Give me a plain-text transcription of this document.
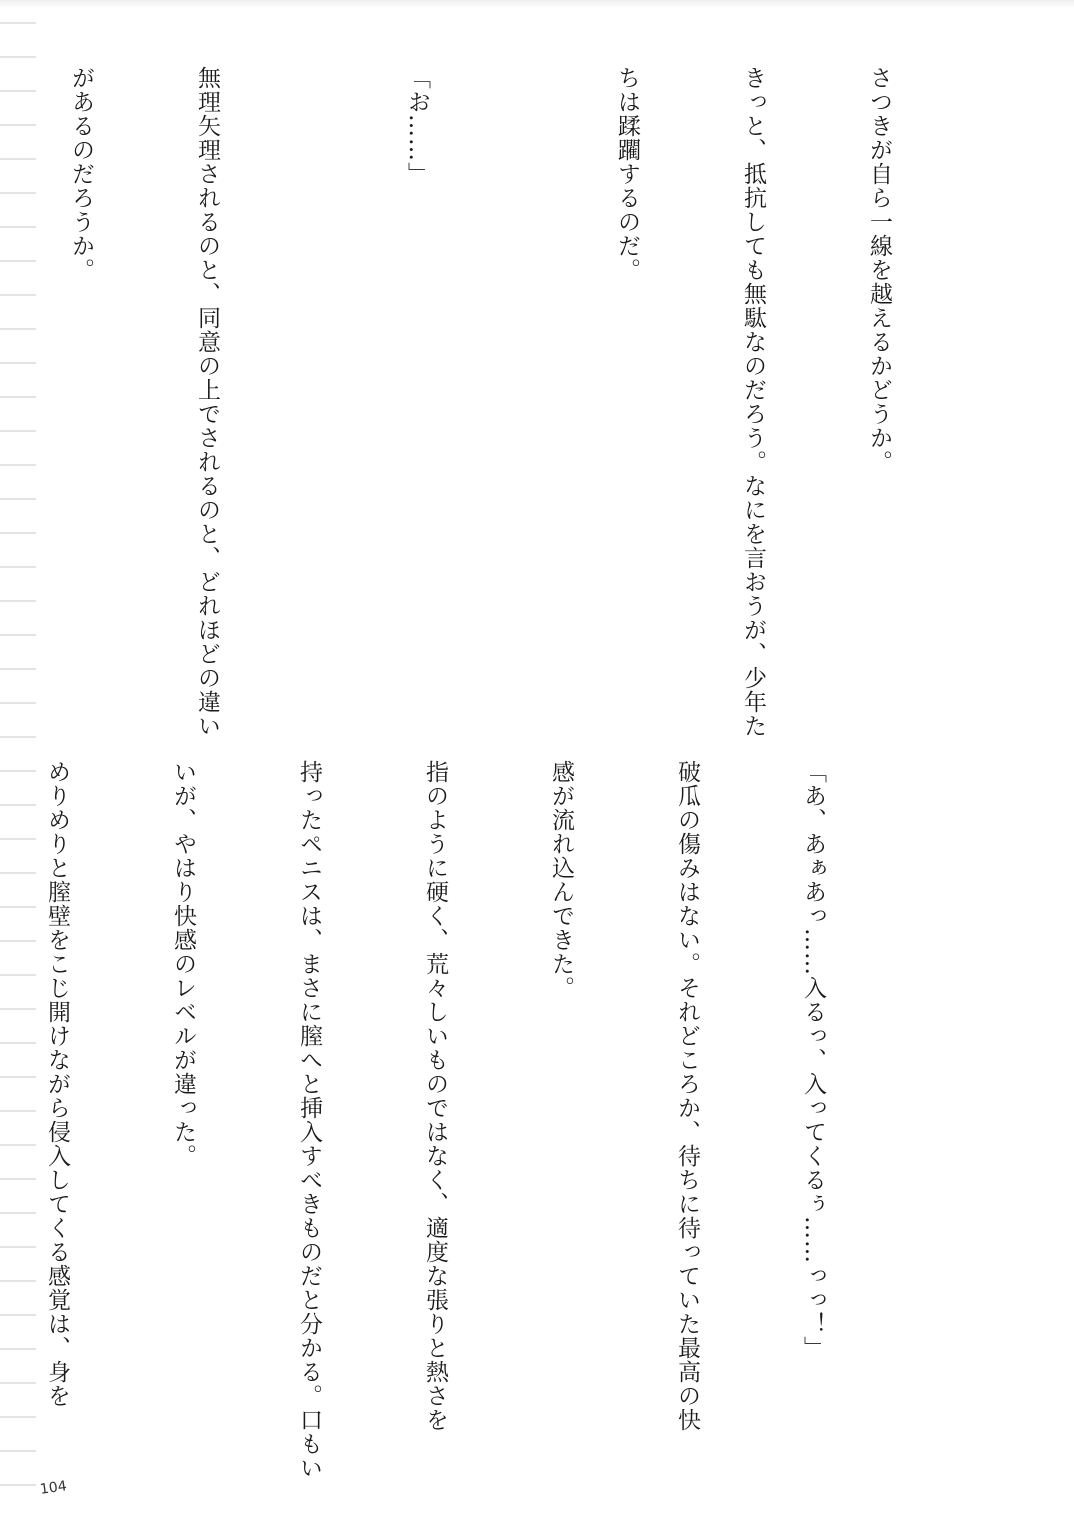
さつきが自ら一線を越えるかどうか。

きっと、抵抗しても無駄なのだろう。なにを言おうが、少年た

ちは蹂躙するのだ。

「お……」

無理矢理されるのと、同意の上でされるのと、どれほどの違い

があるのだろうか。

「あ、あぁあっ……入るっ、入ってくるぅ……っっ！」

破瓜の傷みはない。それどころか、待ちに待っていた最高の快

感が流れ込んできた。

指のように硬く、荒々しいものではなく、適度な張りと熱さを

持ったペニスは、まさに膣へと挿入すべきものだと分かる。口もい

いが、やはり快感のレベルが違った。

めりめりと膣壁をこじ開けながら侵入してくる感覚は、身を

104
